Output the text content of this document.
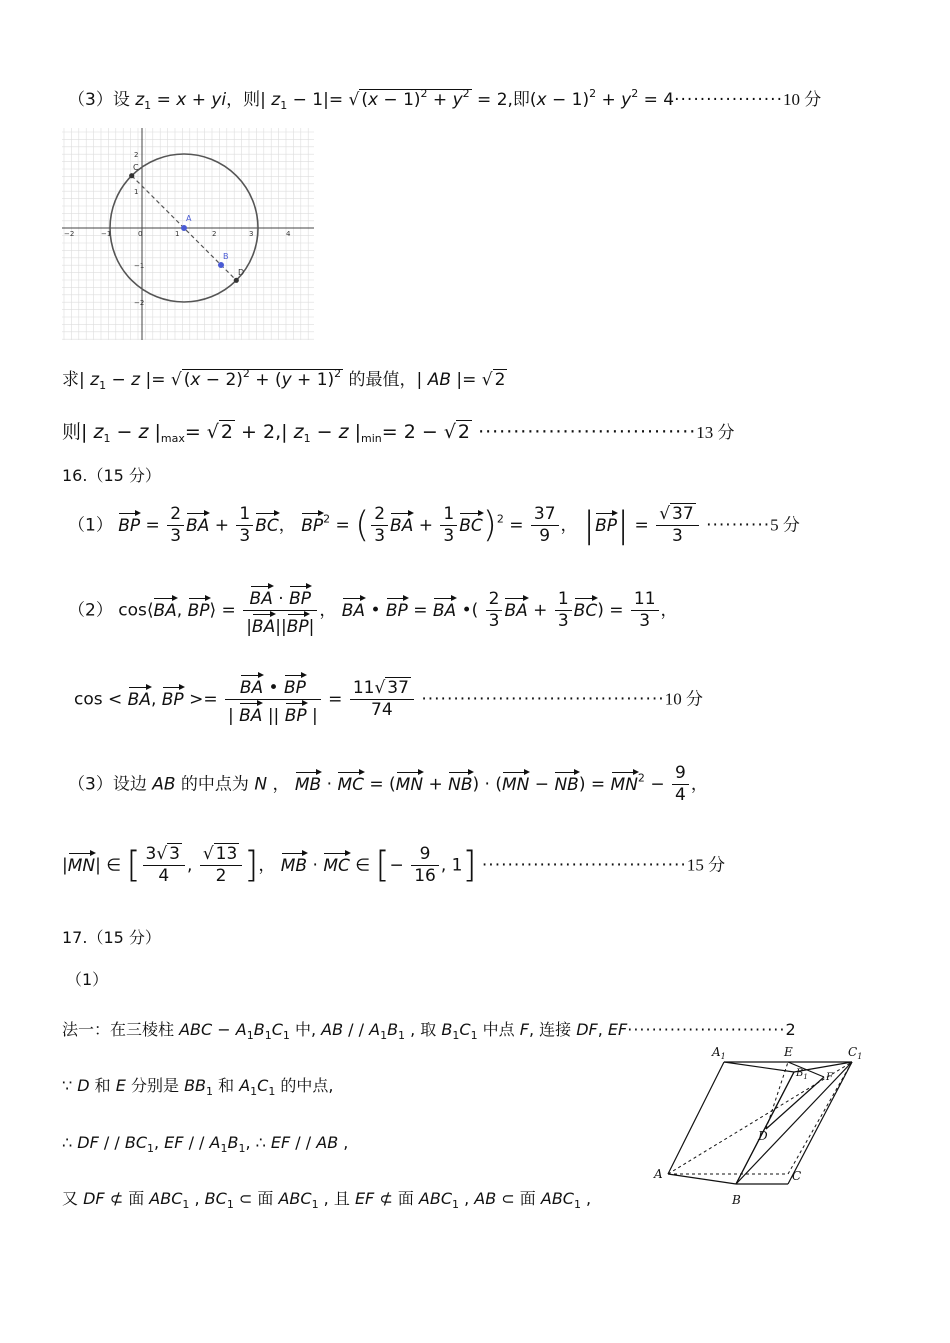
（3）设 $z_1 = x$ + yi，则| $z_1 - 1|=$ √ $(x - 1)^2 + y^2 = 2$,即$(x - 1)^2 + y^2 = 4\cdot\cdot\cdot\cdot\cdot\cdot\cdot\cdot\cdot\cdot\cdot\cdot\cdot\cdot\cdot\cdot\cdot 10$ 分
−2	−1	0	1	2	3	4
2
1
−1
−2
C
A
B
D
求| $z_1 - z$ |= √ $(x - 2)^2 + (y + 1)^2$ 的最值，| AB |= √ 2
则| $z_1 - z$ $|_{max}=$ √ 2 + 2,| $z_1 - z$ $|_{min}= 2$ − √ 2 ·······························13 分
16.（15 分）
（1） BP = $\frac{2}{3}$ BA + $\frac{1}{3}$ BC， $BP^2$ = ( $\frac{2}{3}$ BA + $\frac{1}{3} BC)^2 = \frac{37}{9}$ ， $|BP| = \frac{√ 37}{3} \cdot\cdot\cdot\cdot\cdot\cdot\cdot\cdot\cdot\cdot 5$ 分
（2） cos⟨BA, BP⟩ = $\frac{BA \cdot BP}{|BA||BP|}$ ， BA • BP = BA •( $\frac{2}{3}$ BA + $\frac{1}{3} BC) = \frac{11}{3}$ ，
cos < BA, BP >= $\frac{BA • BP}{| BA || BP |} = \frac{11√ 37}{74} \cdot\cdot\cdot\cdot\cdot\cdot\cdot\cdot\cdot\cdot\cdot\cdot\cdot\cdot\cdot\cdot\cdot\cdot\cdot\cdot\cdot\cdot\cdot\cdot\cdot\cdot\cdot\cdot\cdot\cdot\cdot\cdot\cdot\cdot\cdot\cdot\cdot\cdot 10$ 分
（3）设边 AB 的中点为 N ， MB · MC = $(MN + NB) \cdot (MN - NB) = MN^2 - \frac{9}{4}$ ，
|MN| ∈ [ $\frac{3√ 3}{4}$ , $\frac{√ 13}{2}$ ]， MB · MC ∈ [− $\frac{9}{16}$ , 1] ································15 分
17.（15 分）
（1）
法一：在三棱柱 ABC − $A_1B_1C_1$ 中, AB / / $A_1B_1$ , 取 $B_1C_1$ 中点 F, 连接 DF, EF··························2
∵ D 和 E 分别是 $BB_1$ 和 $A_1C_1$ 的中点,
∴ DF / / $BC_1$, EF / / $A_1B_1$, ∴ EF / / AB ,
又 DF ⊄ 面 $ABC_1$ , $BC_1$ ⊂ 面 $ABC_1$ , 且 EF ⊄ 面 $ABC_1$ , AB ⊂ 面 $ABC_1$ ,
$A_1$	E	$C_1$
$B_1$ F
D
A	C
B
